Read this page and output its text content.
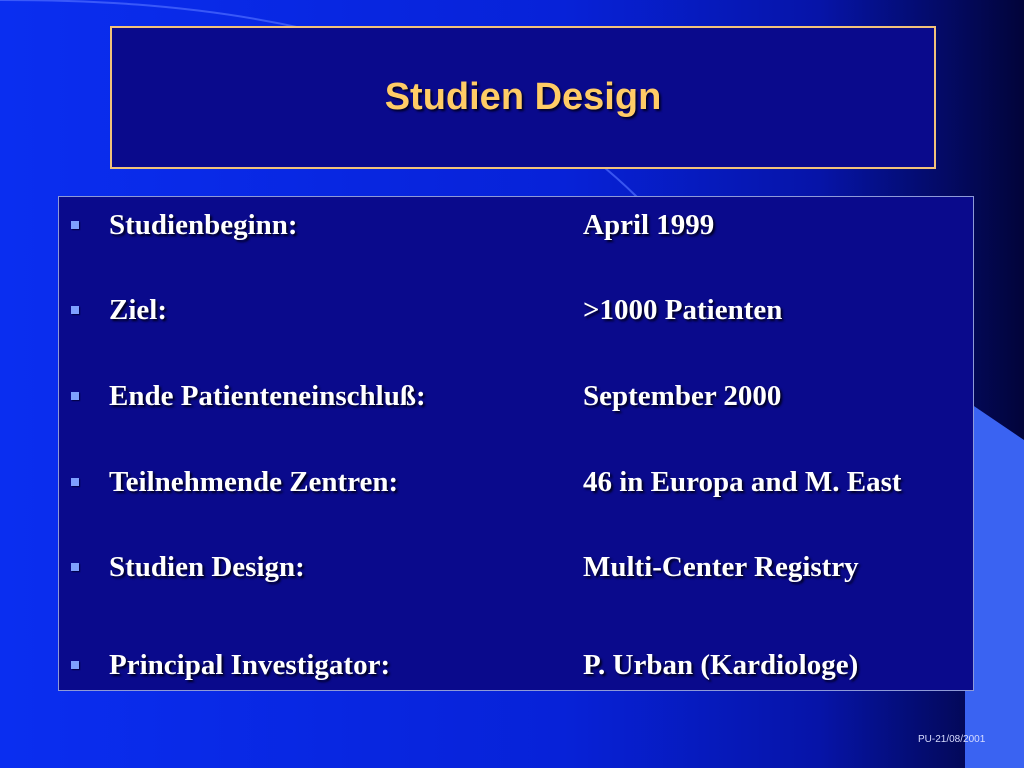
Studien Design
Studienbeginn:	April 1999
Ziel:	>1000 Patienten
Ende Patienteneinschluß:	September 2000
Teilnehmende Zentren:	46 in Europa and M. East
Studien Design:	Multi-Center Registry
Principal Investigator:	P. Urban (Kardiologe)
PU-21/08/2001
